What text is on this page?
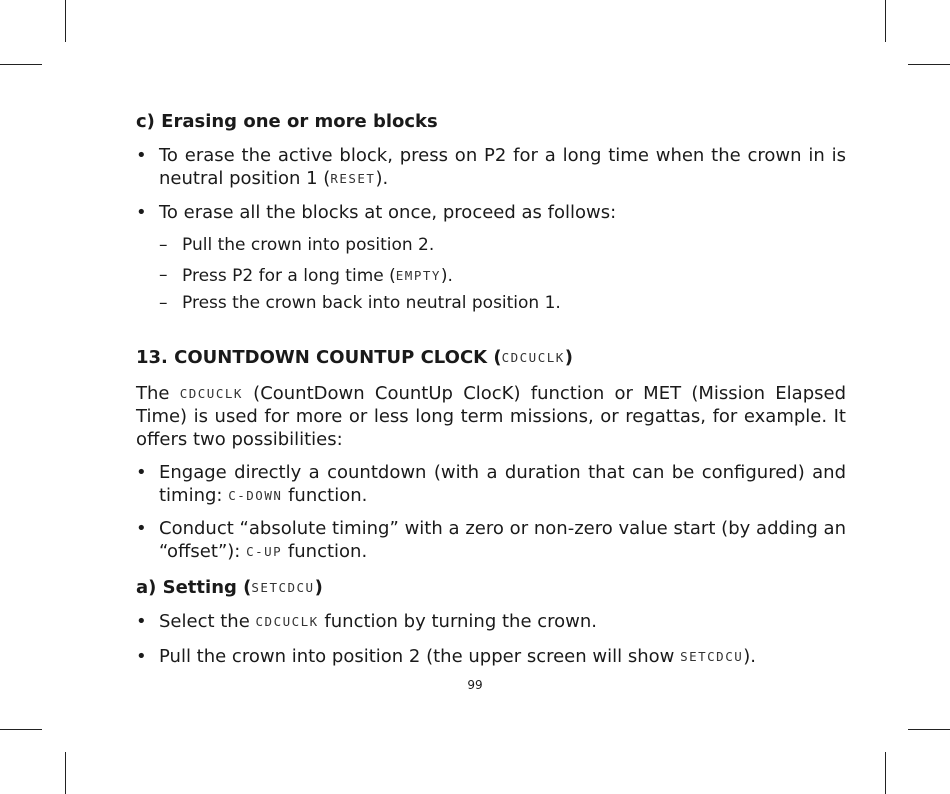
c) Erasing one or more blocks
• To erase the active block, press on P2 for a long time when the crown in is
neutral position 1 (RESET).
• To erase all the blocks at once, proceed as follows:
– Pull the crown into position 2.
– Press P2 for a long time (EMPTY).
– Press the crown back into neutral position 1.
13. COUNTDOWN COUNTUP CLOCK (CDCUCLK)
The CDCUCLK (CountDown CountUp ClocK) function or MET (Mission Elapsed
Time) is used for more or less long term missions, or regattas, for example. It
offers two possibilities:
• Engage directly a countdown (with a duration that can be configured) and
timing: C-DOWN function.
• Conduct “absolute timing” with a zero or non-zero value start (by adding an
“offset”): C-UP function.
a) Setting (SETCDCU)
• Select the CDCUCLK function by turning the crown.
• Pull the crown into position 2 (the upper screen will show SETCDCU).
99
